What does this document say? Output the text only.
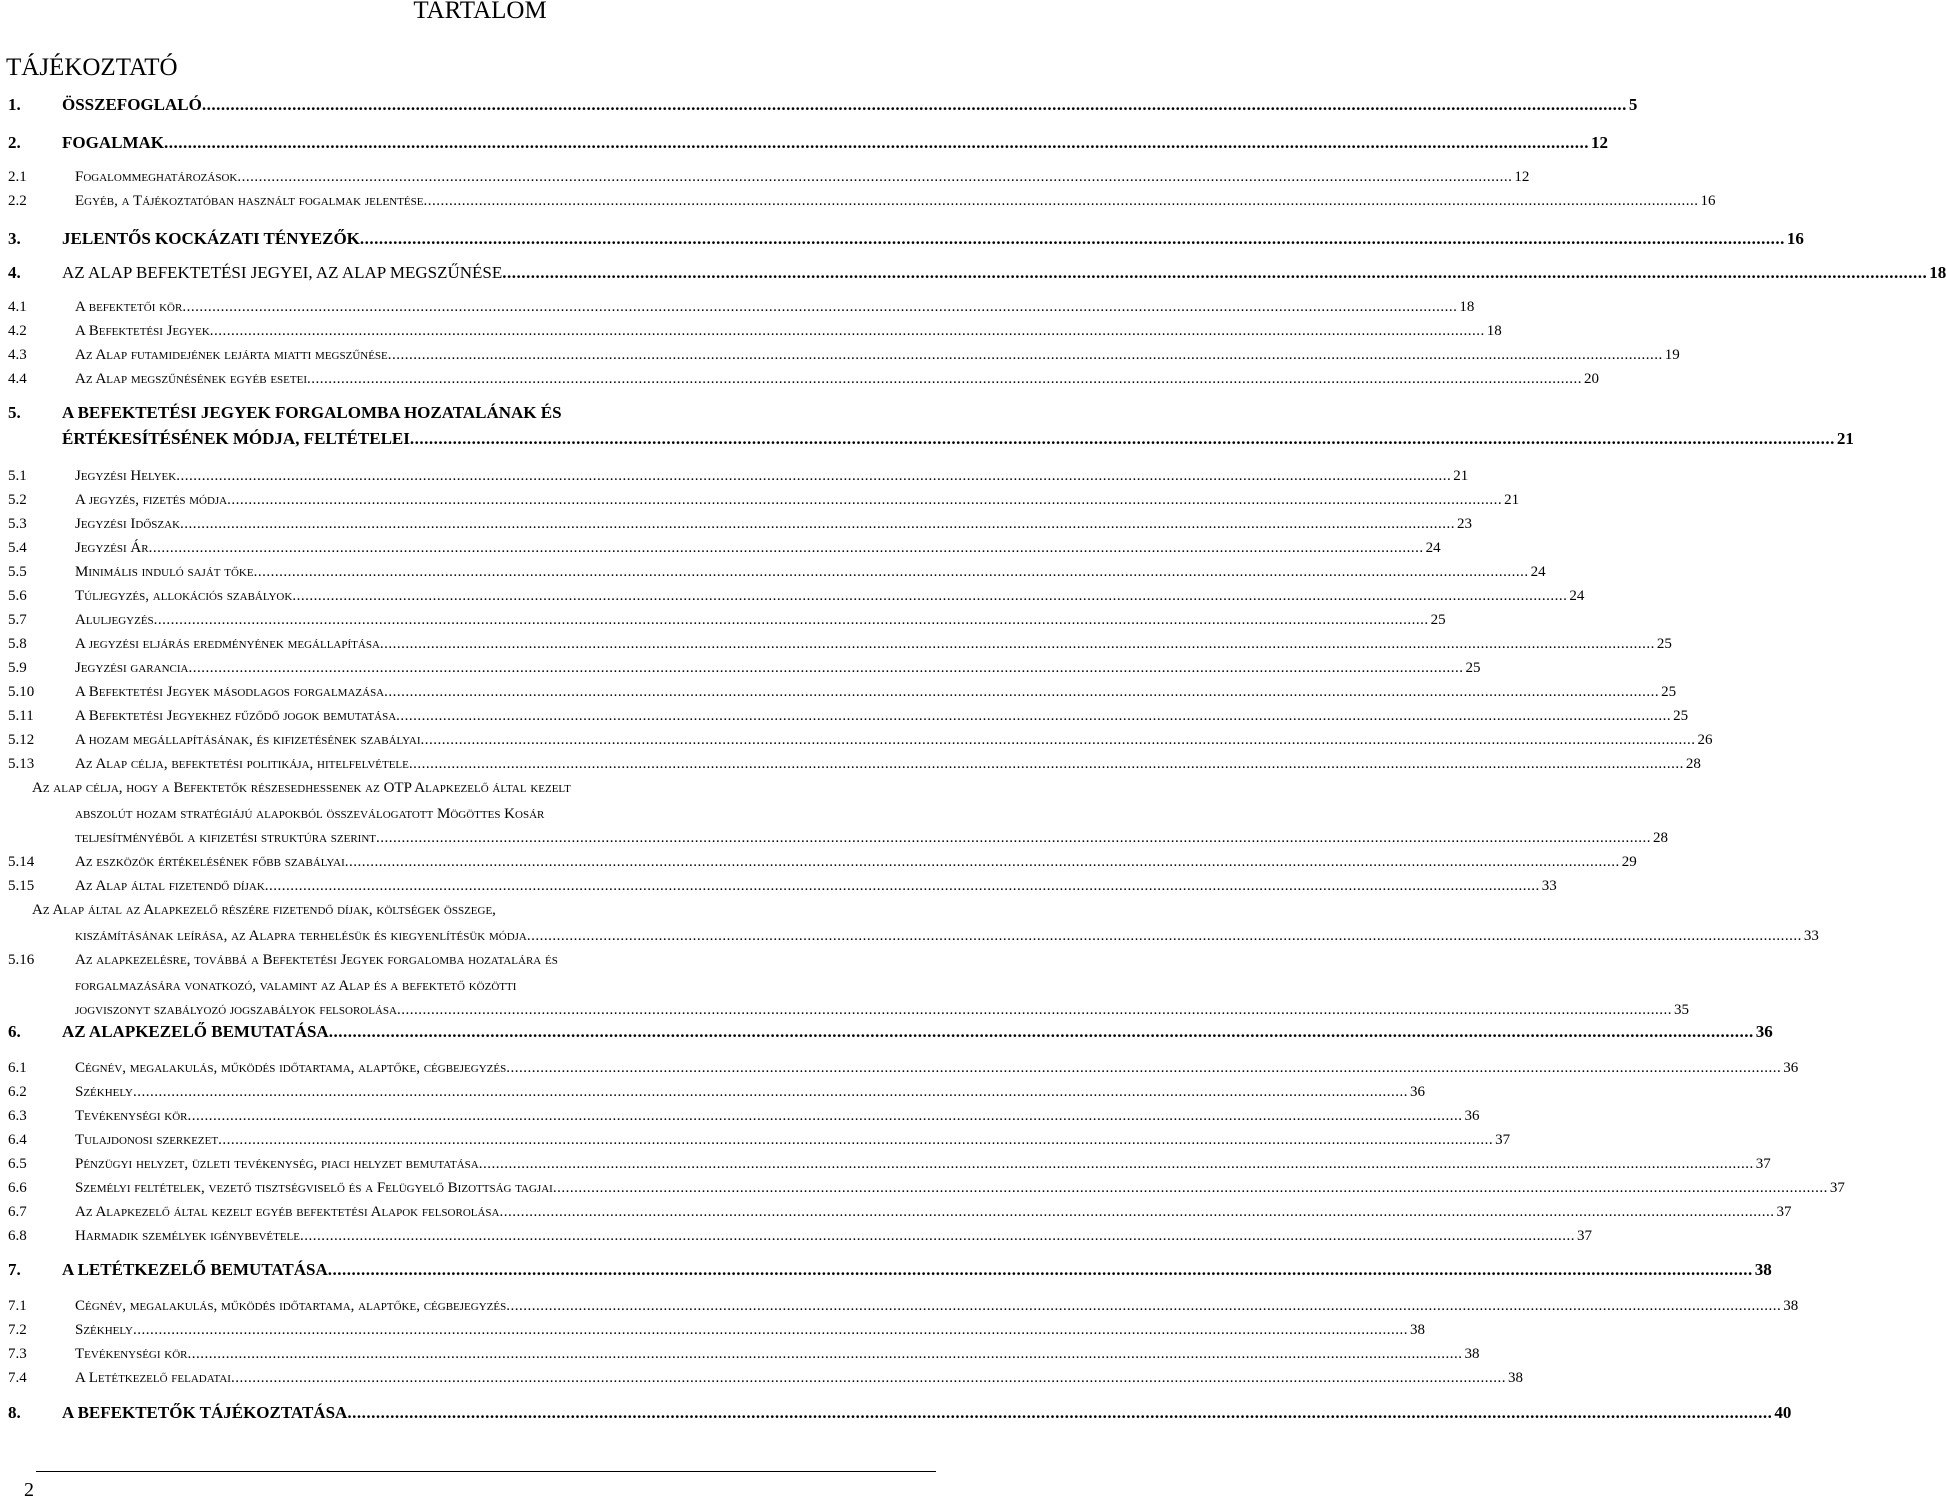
TARTALOM
TÁJÉKOZTATÓ
1. ÖSSZEFOGLALÓ ............................................................................................................................................................................................................................................................................................................ 5
2. FOGALMAK ............................................................................................................................................................................................................................................................................................................ 12
2.1	Fogalommeghatározások ............................................................................................................................................................................................................................................................................................................ 12
2.2	Egyéb, a Tájékoztatóban használt fogalmak jelentése ............................................................................................................................................................................................................................................................................................................ 16
3. JELENTŐS KOCKÁZATI TÉNYEZŐK ............................................................................................................................................................................................................................................................................................................ 16
4. AZ ALAP BEFEKTETÉSI JEGYEI, AZ ALAP MEGSZŰNÉSE ............................................................................................................................................................................................................................................................................................................ 18
4.1	A befektetői kör ............................................................................................................................................................................................................................................................................................................ 18
4.2	A Befektetési Jegyek ............................................................................................................................................................................................................................................................................................................ 18
4.3	Az Alap futamidejének lejárta miatti megszűnése ............................................................................................................................................................................................................................................................................................................ 19
4.4	Az Alap megszűnésének egyéb esetei ............................................................................................................................................................................................................................................................................................................ 20
5. A BEFEKTETÉSI JEGYEK FORGALOMBA HOZATALÁNAK ÉS
ÉRTÉKESÍTÉSÉNEK MÓDJA, FELTÉTELEI ............................................................................................................................................................................................................................................................................................................ 21
5.1	Jegyzési Helyek ............................................................................................................................................................................................................................................................................................................ 21
5.2	A jegyzés, fizetés módja ............................................................................................................................................................................................................................................................................................................ 21
5.3	Jegyzési Időszak ............................................................................................................................................................................................................................................................................................................ 23
5.4	Jegyzési Ár ............................................................................................................................................................................................................................................................................................................ 24
5.5	Minimális induló saját tőke ............................................................................................................................................................................................................................................................................................................ 24
5.6	Túljegyzés, allokációs szabályok ............................................................................................................................................................................................................................................................................................................ 24
5.7	Aluljegyzés ............................................................................................................................................................................................................................................................................................................ 25
5.8	A jegyzési eljárás eredményének megállapítása ............................................................................................................................................................................................................................................................................................................ 25
5.9	Jegyzési garancia ............................................................................................................................................................................................................................................................................................................ 25
5.10	A Befektetési Jegyek másodlagos forgalmazása ............................................................................................................................................................................................................................................................................................................ 25
5.11	A Befektetési Jegyekhez fűződő jogok bemutatása ............................................................................................................................................................................................................................................................................................................ 25
5.12	A hozam megállapításának, és kifizetésének szabályai ............................................................................................................................................................................................................................................................................................................ 26
5.13	Az Alap célja, befektetési politikája, hitelfelvétele ............................................................................................................................................................................................................................................................................................................ 28
Az alap célja, hogy a Befektetők részesedhessenek az OTP Alapkezelő által kezelt
abszolút hozam stratégiájú alapokból összeválogatott Mögöttes Kosár
teljesítményéből a kifizetési struktúra szerint ............................................................................................................................................................................................................................................................................................................ 28
5.14	Az eszközök értékelésének főbb szabályai ............................................................................................................................................................................................................................................................................................................ 29
5.15	Az Alap által fizetendő díjak ............................................................................................................................................................................................................................................................................................................ 33
Az Alap által az Alapkezelő részére fizetendő díjak, költségek összege,
kiszámításának leírása, az Alapra terhelésük és kiegyenlítésük módja ............................................................................................................................................................................................................................................................................................................ 33
5.16	Az alapkezelésre, továbbá a Befektetési Jegyek forgalomba hozatalára és
forgalmazására vonatkozó, valamint az Alap és a befektető közötti
jogviszonyt szabályozó jogszabályok felsorolása ............................................................................................................................................................................................................................................................................................................ 35
6. AZ ALAPKEZELŐ BEMUTATÁSA ............................................................................................................................................................................................................................................................................................................ 36
6.1	Cégnév, megalakulás, működés időtartama, alaptőke, cégbejegyzés ............................................................................................................................................................................................................................................................................................................ 36
6.2	Székhely ............................................................................................................................................................................................................................................................................................................ 36
6.3	Tevékenységi kör ............................................................................................................................................................................................................................................................................................................ 36
6.4	Tulajdonosi szerkezet ............................................................................................................................................................................................................................................................................................................ 37
6.5	Pénzügyi helyzet, üzleti tevékenység, piaci helyzet bemutatása ............................................................................................................................................................................................................................................................................................................ 37
6.6	Személyi feltételek, vezető tisztségviselő és a Felügyelő Bizottság tagjai ............................................................................................................................................................................................................................................................................................................ 37
6.7	Az Alapkezelő által kezelt egyéb befektetési Alapok felsorolása ............................................................................................................................................................................................................................................................................................................ 37
6.8	Harmadik személyek igénybevétele ............................................................................................................................................................................................................................................................................................................ 37
7. A LETÉTKEZELŐ BEMUTATÁSA ............................................................................................................................................................................................................................................................................................................ 38
7.1	Cégnév, megalakulás, működés időtartama, alaptőke, cégbejegyzés ............................................................................................................................................................................................................................................................................................................ 38
7.2	Székhely ............................................................................................................................................................................................................................................................................................................ 38
7.3	Tevékenységi kör ............................................................................................................................................................................................................................................................................................................ 38
7.4	A Letétkezelő feladatai ............................................................................................................................................................................................................................................................................................................ 38
8. A BEFEKTETŐK TÁJÉKOZTATÁSA ............................................................................................................................................................................................................................................................................................................ 40
2
